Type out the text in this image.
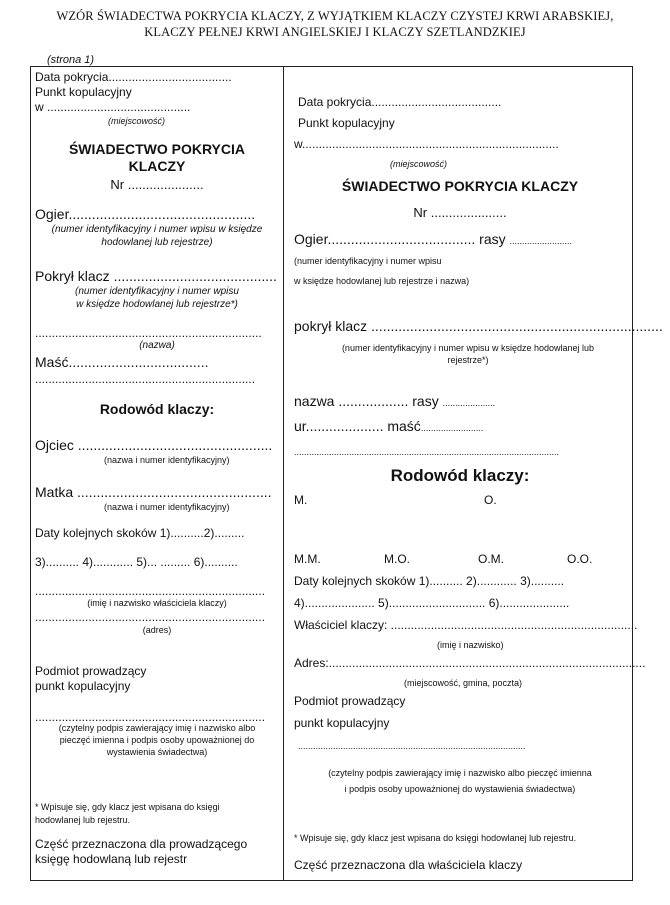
WZÓR ŚWIADECTWA POKRYCIA KLACZY, Z WYJĄTKIEM KLACZY CZYSTEJ KRWI ARABSKIEJ,
KLACZY PEŁNEJ KRWI ANGIELSKIEJ I KLACZY SZETLANDZKIEJ
(strona 1)
Data pokrycia.....................................
Punkt kopulacyjny
w ...........................................
(miejscowość)
ŚWIADECTWO POKRYCIA
KLACZY
Nr .....................
Ogier................................................
(numer identyfikacyjny i numer wpisu w księdze
hodowlanej lub rejestrze)
Pokrył klacz ..........................................
(numer identyfikacyjny i numer wpisu
w księdze hodowlanej lub rejestrze*)
....................................................................
(nazwa)
Maść....................................
..................................................................
Rodowód klaczy:
Ojciec ..................................................
(nazwa i numer identyfikacyjny)
Matka ..................................................
(nazwa i numer identyfikacyjny)
Daty kolejnych skoków 1)..........2).........
3).......... 4)............ 5)... ......... 6)..........
.....................................................................
(imię i nazwisko właściciela klaczy)
.....................................................................
(adres)
Podmiot prowadzący
punkt kopulacyjny
.....................................................................
(czytelny podpis zawierający imię i nazwisko albo
pieczęć imienna i podpis osoby upoważnionej do
wystawienia świadectwa)
* Wpisuje się, gdy klacz jest wpisana do księgi
hodowlanej lub rejestru.
Część przeznaczona dla prowadzącego
księgę hodowlaną lub rejestr
Data pokrycia.......................................
Punkt kopulacyjny
w.............................................................................
(miejscowość)
ŚWIADECTWO POKRYCIA KLACZY
Nr .....................
Ogier...................................... rasy .........................
(numer identyfikacyjny i numer wpisu
w księdze hodowlanej lub rejestrze i nazwa)
pokrył klacz ...........................................................................
(numer identyfikacyjny i numer wpisu w księdze hodowlanej lub
rejestrze*)
nazwa .................. rasy .....................
ur.................... maść.........................
..........................................................................................................
Rodowód klaczy:
M.	O.
M.M.	M.O.	O.M.	O.O.
Daty kolejnych skoków 1).......... 2)............ 3)..........
4)..................... 5)............................. 6).....................
Właściciel klaczy: ..........................................................................
(imię i nazwisko)
Adres:...............................................................................................
(miejscowość, gmina, poczta)
Podmiot prowadzący
punkt kopulacyjny
...........................................................................................
(czytelny podpis zawierający imię i nazwisko albo pieczęć imienna
i podpis osoby upoważnionej do wystawienia świadectwa)
* Wpisuje się, gdy klacz jest wpisana do księgi hodowlanej lub rejestru.
Część przeznaczona dla właściciela klaczy
